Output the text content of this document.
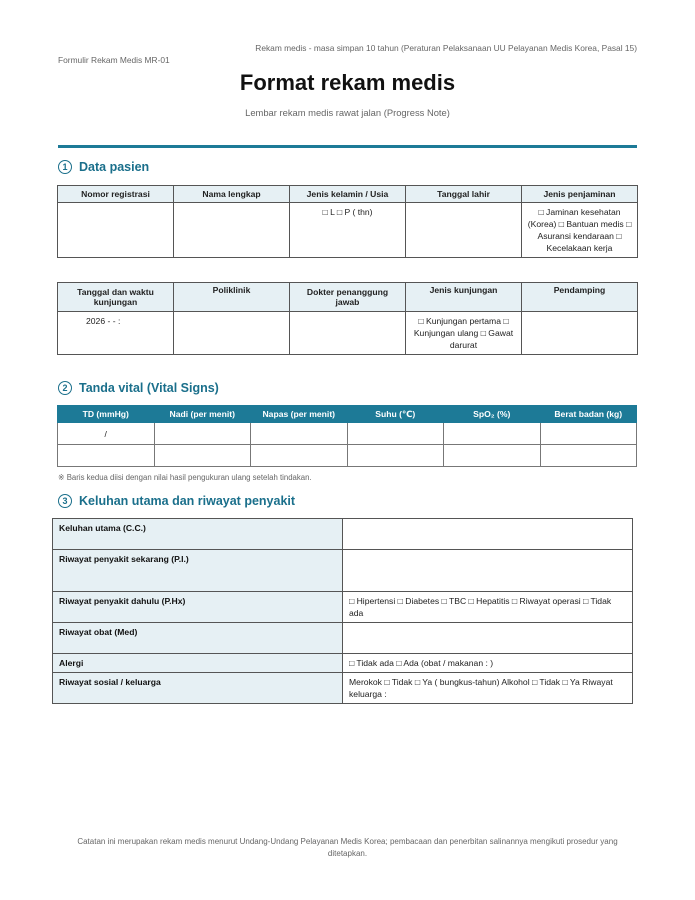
Rekam medis - masa simpan 10 tahun (Peraturan Pelaksanaan UU Pelayanan Medis Korea, Pasal 15)
Formulir Rekam Medis MR-01
Format rekam medis
Lembar rekam medis rawat jalan (Progress Note)
1 Data pasien
Nomor registrasi	Nama lengkap	Jenis kelamin / Usia	Tanggal lahir	Jenis penjaminan
		□ L □ P ( thn)		□ Jaminan kesehatan (Korea) □ Bantuan medis □ Asuransi kendaraan □ Kecelakaan kerja
Tanggal dan waktu kunjungan	Poliklinik	Dokter penanggung jawab	Jenis kunjungan	Pendamping
2026 - - :			□ Kunjungan pertama □ Kunjungan ulang □ Gawat darurat	
2 Tanda vital (Vital Signs)
TD (mmHg)	Nadi (per menit)	Napas (per menit)	Suhu (℃)	SpO₂ (%)	Berat badan (kg)
/					

※ Baris kedua diisi dengan nilai hasil pengukuran ulang setelah tindakan.
3 Keluhan utama dan riwayat penyakit
Keluhan utama (C.C.)	
Riwayat penyakit sekarang (P.I.)	
Riwayat penyakit dahulu (P.Hx)	□ Hipertensi □ Diabetes □ TBC □ Hepatitis □ Riwayat operasi □ Tidak ada
Riwayat obat (Med)	
Alergi	□ Tidak ada □ Ada (obat / makanan : )
Riwayat sosial / keluarga	Merokok □ Tidak □ Ya ( bungkus-tahun) Alkohol □ Tidak □ Ya Riwayat keluarga :
Catatan ini merupakan rekam medis menurut Undang-Undang Pelayanan Medis Korea; pembacaan dan penerbitan salinannya mengikuti prosedur yang ditetapkan.
